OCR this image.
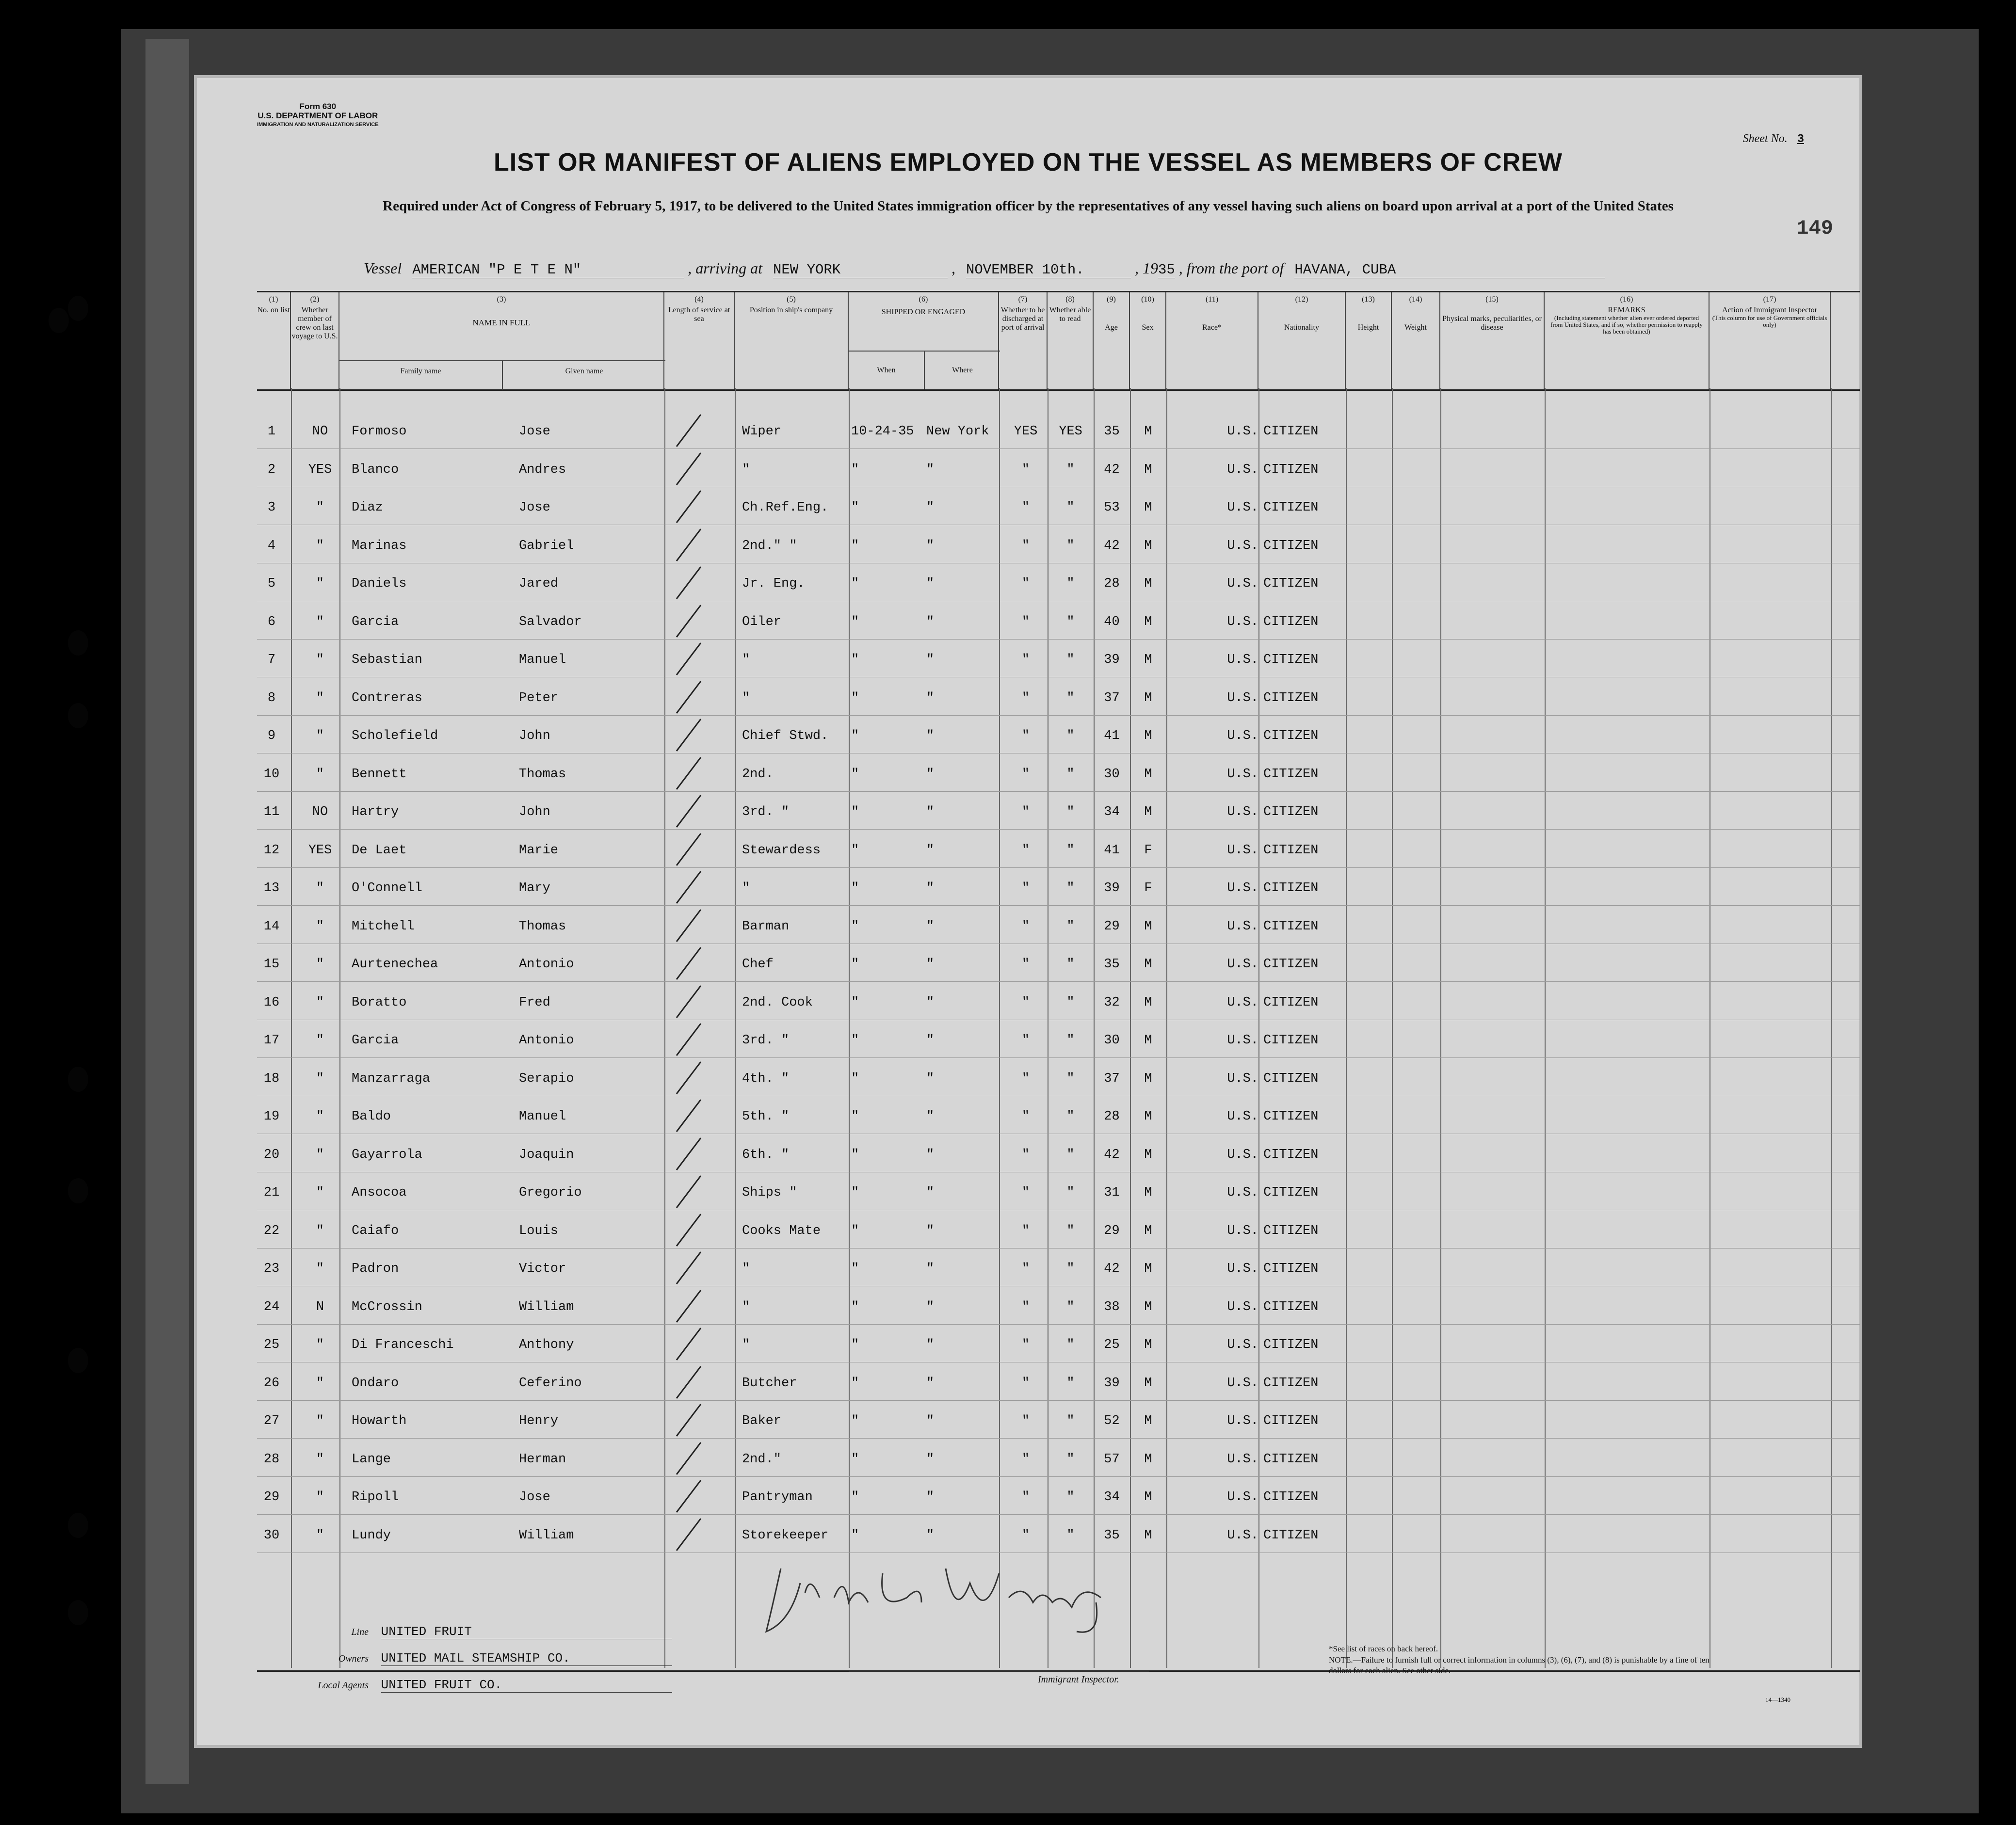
Form 630
U.S. DEPARTMENT OF LABOR
IMMIGRATION AND NATURALIZATION SERVICE
Sheet No. 3
LIST OR MANIFEST OF ALIENS EMPLOYED ON THE VESSEL AS MEMBERS OF CREW
Required under Act of Congress of February 5, 1917, to be delivered to the United States immigration officer by the representatives of any vessel having such aliens on board upon arrival at a port of the United States
149
Vessel AMERICAN "P E T E N"	, arriving at NEW YORK	, NOVEMBER 10th.	, 1935 , from the port of HAVANA, CUBA
(1)
No. on list
(2)
Whether member of crew on last voyage to U.S.
(3)
NAME IN FULL
Family name	Given name
(4)
Length of service at sea
(5)
Position in ship's company
(6)
SHIPPED OR ENGAGED
When	Where
(7)
Whether to be discharged at port of arrival
(8)
Whether able to read
(9)

Age
(10)

Sex
(11)

Race*
(12)

Nationality
(13)

Height
(14)

Weight
(15)

Physical marks, peculiarities, or disease
(16)
REMARKS
(Including statement whether alien ever ordered deported from United States, and if so, whether permission to reapply has been obtained)
(17)
Action of Immigrant Inspector
(This column for use of Government officials only)
1	NO	Formoso	Jose	Wiper	10-24-35 New York	YES	YES	35	M	U.S. CITIZEN
2	YES	Blanco	Andres	"	"	"	"	"	42	M	U.S. CITIZEN
3	"	Diaz	Jose	Ch.Ref.Eng.	"	"	"	"	53	M	U.S. CITIZEN
4	"	Marinas	Gabriel	2nd." "	"	"	"	"	42	M	U.S. CITIZEN
5	"	Daniels	Jared	Jr. Eng.	"	"	"	"	28	M	U.S. CITIZEN
6	"	Garcia	Salvador	Oiler	"	"	"	"	40	M	U.S. CITIZEN
7	"	Sebastian	Manuel	"	"	"	"	"	39	M	U.S. CITIZEN
8	"	Contreras	Peter	"	"	"	"	"	37	M	U.S. CITIZEN
9	"	Scholefield	John	Chief Stwd.	"	"	"	"	41	M	U.S. CITIZEN
10	"	Bennett	Thomas	2nd.	"	"	"	"	30	M	U.S. CITIZEN
11	NO	Hartry	John	3rd. "	"	"	"	"	34	M	U.S. CITIZEN
12	YES	De Laet	Marie	Stewardess	"	"	"	"	41	F	U.S. CITIZEN
13	"	O'Connell	Mary	"	"	"	"	"	39	F	U.S. CITIZEN
14	"	Mitchell	Thomas	Barman	"	"	"	"	29	M	U.S. CITIZEN
15	"	Aurtenechea	Antonio	Chef	"	"	"	"	35	M	U.S. CITIZEN
16	"	Boratto	Fred	2nd. Cook	"	"	"	"	32	M	U.S. CITIZEN
17	"	Garcia	Antonio	3rd. "	"	"	"	"	30	M	U.S. CITIZEN
18	"	Manzarraga	Serapio	4th. "	"	"	"	"	37	M	U.S. CITIZEN
19	"	Baldo	Manuel	5th. "	"	"	"	"	28	M	U.S. CITIZEN
20	"	Gayarrola	Joaquin	6th. "	"	"	"	"	42	M	U.S. CITIZEN
21	"	Ansocoa	Gregorio	Ships "	"	"	"	"	31	M	U.S. CITIZEN
22	"	Caiafo	Louis	Cooks Mate	"	"	"	"	29	M	U.S. CITIZEN
23	"	Padron	Victor	"	"	"	"	"	42	M	U.S. CITIZEN
24	N	McCrossin	William	"	"	"	"	"	38	M	U.S. CITIZEN
25	"	Di Franceschi	Anthony	"	"	"	"	"	25	M	U.S. CITIZEN
26	"	Ondaro	Ceferino	Butcher	"	"	"	"	39	M	U.S. CITIZEN
27	"	Howarth	Henry	Baker	"	"	"	"	52	M	U.S. CITIZEN
28	"	Lange	Herman	2nd."	"	"	"	"	57	M	U.S. CITIZEN
29	"	Ripoll	Jose	Pantryman	"	"	"	"	34	M	U.S. CITIZEN
30	"	Lundy	William	Storekeeper	"	"	"	"	35	M	U.S. CITIZEN
Line UNITED FRUIT
Owners UNITED MAIL STEAMSHIP CO.
Local Agents UNITED FRUIT CO.	Immigrant Inspector.
*See list of races on back hereof.
NOTE.—Failure to furnish full or correct information in columns (3), (6), (7), and (8) is punishable by a fine of ten dollars for each alien. See other side.
14—1340
